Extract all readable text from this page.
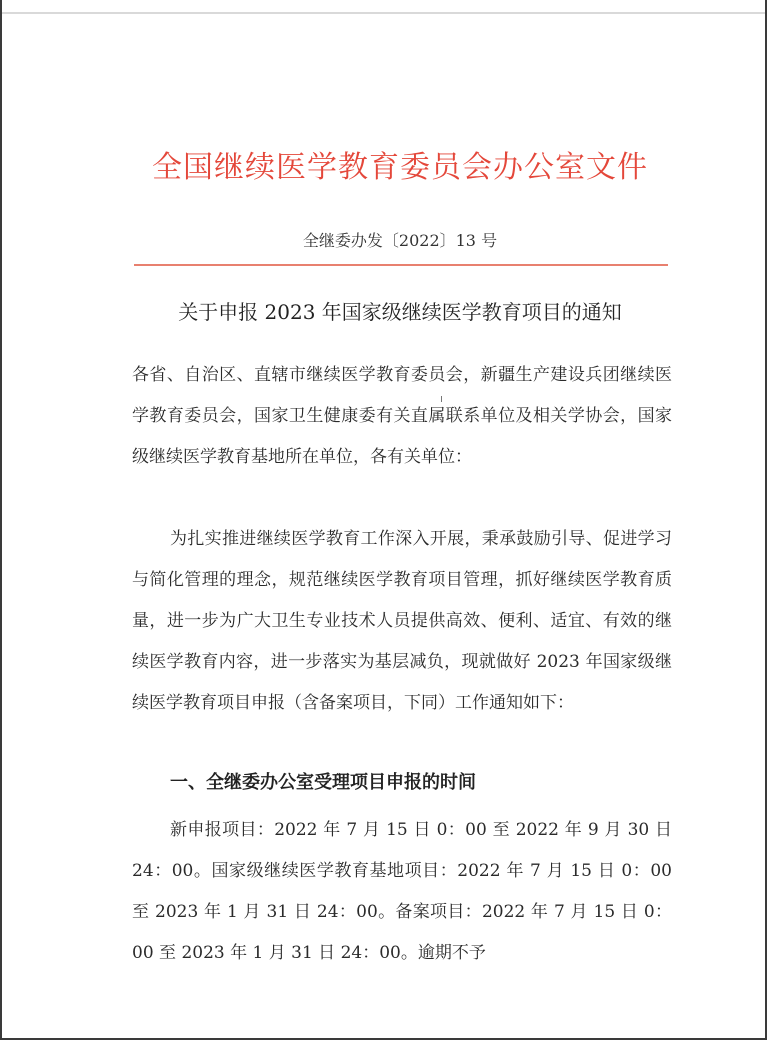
全国继续医学教育委员会办公室文件
全继委办发〔2022〕13 号
关于申报 2023 年国家级继续医学教育项目的通知

各省、自治区、直辖市继续医学教育委员会，新疆生产建设兵团继续医学教育委员会，国家卫生健康委有关直属联系单位及相关学协会，国家级继续医学教育基地所在单位，各有关单位：

为扎实推进继续医学教育工作深入开展，秉承鼓励引导、促进学习与简化管理的理念，规范继续医学教育项目管理，抓好继续医学教育质量，进一步为广大卫生专业技术人员提供高效、便利、适宜、有效的继续医学教育内容，进一步落实为基层减负，现就做好 2023 年国家级继续医学教育项目申报（含备案项目，下同）工作通知如下：

一、全继委办公室受理项目申报的时间

新申报项目：2022 年 7 月 15 日 0：00 至 2022 年 9 月 30 日 24：00。国家级继续医学教育基地项目：2022 年 7 月 15 日 0：00 至 2023 年 1 月 31 日 24：00。备案项目：2022 年 7 月 15 日 0：00 至 2023 年 1 月 31 日 24：00。逾期不予
